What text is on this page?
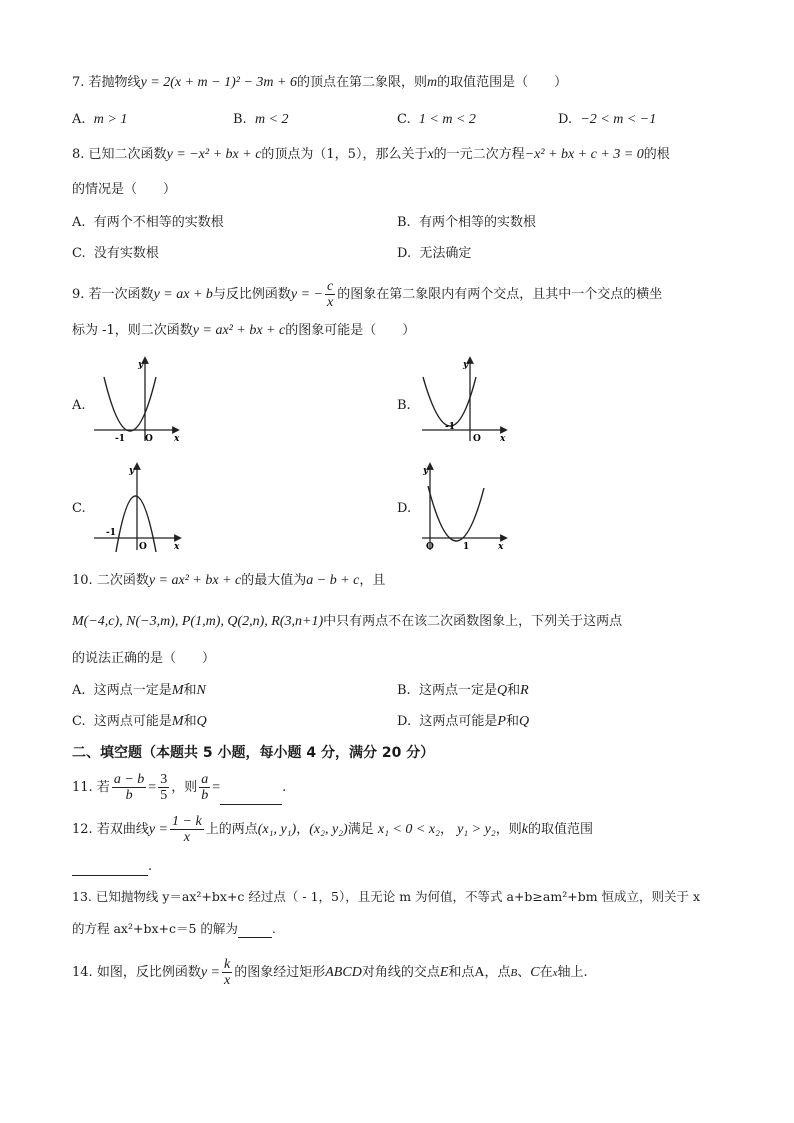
7. 若抛物线y = 2(x + m − 1)² − 3m + 6的顶点在第二象限，则m的取值范围是（　　）
A. m > 1	B. m < 2	C. 1 < m < 2	D. −2 < m < −1
8. 已知二次函数y = −x² + bx + c的顶点为（1，5），那么关于x的一元二次方程−x² + bx + c + 3 = 0的根
的情况是（　　）
A. 有两个不相等的实数根	B. 有两个相等的实数根
C. 没有实数根	D. 无法确定
9. 若一次函数y = ax + b与反比例函数y = − $\frac{c}{x}$ 的图象在第二象限内有两个交点，且其中一个交点的横坐
标为 -1，则二次函数y = ax² + bx + c的图象可能是（　　）
A.	B.
C.	D.
y
x
O
-1
y
x
O
-1
y
x
O
-1
y
x
O	1
10. 二次函数y = ax² + bx + c的最大值为a − b + c，且
M(−4,c), N(−3,m), P(1,m), Q(2,n), R(3,n+1)中只有两点不在该二次函数图象上，下列关于这两点
的说法正确的是（　　）
A. 这两点一定是M和N	B. 这两点一定是Q和R
C. 这两点可能是M和Q	D. 这两点可能是P和Q
二、填空题（本题共 5 小题，每小题 4 分，满分 20 分）
11. 若 $\frac{a - b}{b} = \frac{3}{5}$ ，则 $\frac{a}{b}$ =	.
12. 若双曲线$y = \frac{1 - k}{x}$ 上的两点(x₁, y₁)，(x₂, y₂)满足 x₁ < 0 < x₂， y₁ > y₂，则k的取值范围
.
13. 已知抛物线 y＝ax²+bx+c 经过点（ - 1，5），且无论 m 为何值，不等式 a+b≥am²+bm 恒成立，则关于 x
的方程 ax²+bx+c＝5 的解为	.
14. 如图，反比例函数$y = \frac{k}{x}$ 的图象经过矩形ABCD对角线的交点E和点A，点B、C在x轴上.
